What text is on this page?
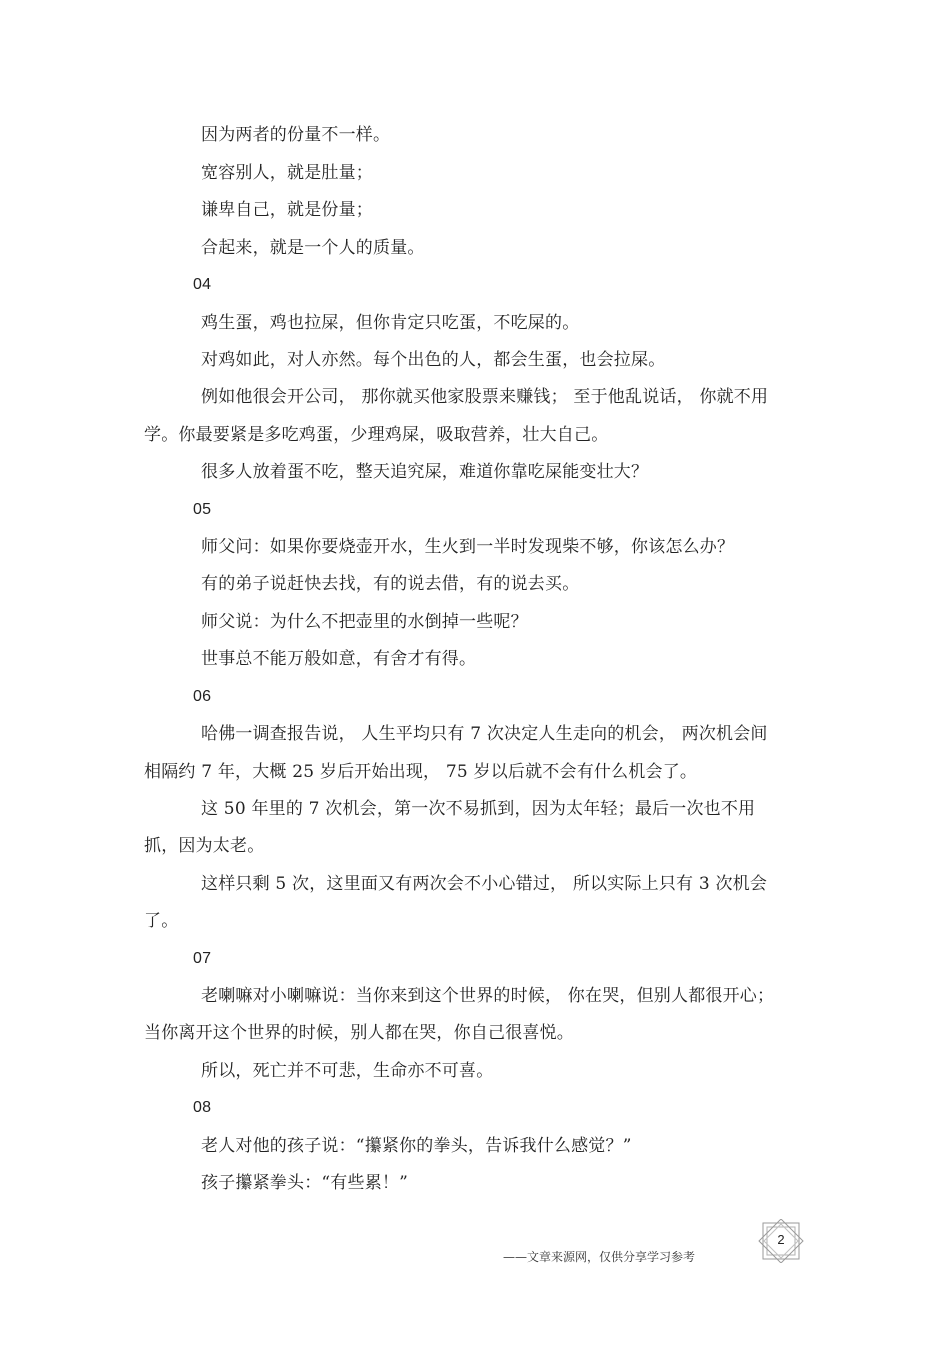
因为两者的份量不一样。
宽容别人，就是肚量；
谦卑自己，就是份量；
合起来，就是一个人的质量。
04
鸡生蛋，鸡也拉屎，但你肯定只吃蛋，不吃屎的。
对鸡如此，对人亦然。每个出色的人，都会生蛋，也会拉屎。
例如他很会开公司， 那你就买他家股票来赚钱； 至于他乱说话， 你就不用
学。你最要紧是多吃鸡蛋，少理鸡屎，吸取营养，壮大自己。
很多人放着蛋不吃，整天追究屎，难道你靠吃屎能变壮大？
05
师父问：如果你要烧壶开水，生火到一半时发现柴不够，你该怎么办？
有的弟子说赶快去找，有的说去借，有的说去买。
师父说：为什么不把壶里的水倒掉一些呢？
世事总不能万般如意，有舍才有得。
06
哈佛一调查报告说， 人生平均只有 7 次决定人生走向的机会， 两次机会间
相隔约 7 年，大概 25 岁后开始出现， 75 岁以后就不会有什么机会了。
这 50 年里的 7 次机会，第一次不易抓到，因为太年轻；最后一次也不用
抓，因为太老。
这样只剩 5 次，这里面又有两次会不小心错过， 所以实际上只有 3 次机会
了。
07
老喇嘛对小喇嘛说：当你来到这个世界的时候， 你在哭，但别人都很开心；
当你离开这个世界的时候，别人都在哭，你自己很喜悦。
所以，死亡并不可悲，生命亦不可喜。
08
老人对他的孩子说：“攥紧你的拳头，告诉我什么感觉？”
孩子攥紧拳头：“有些累！”
——文章来源网，仅供分享学习参考
2
